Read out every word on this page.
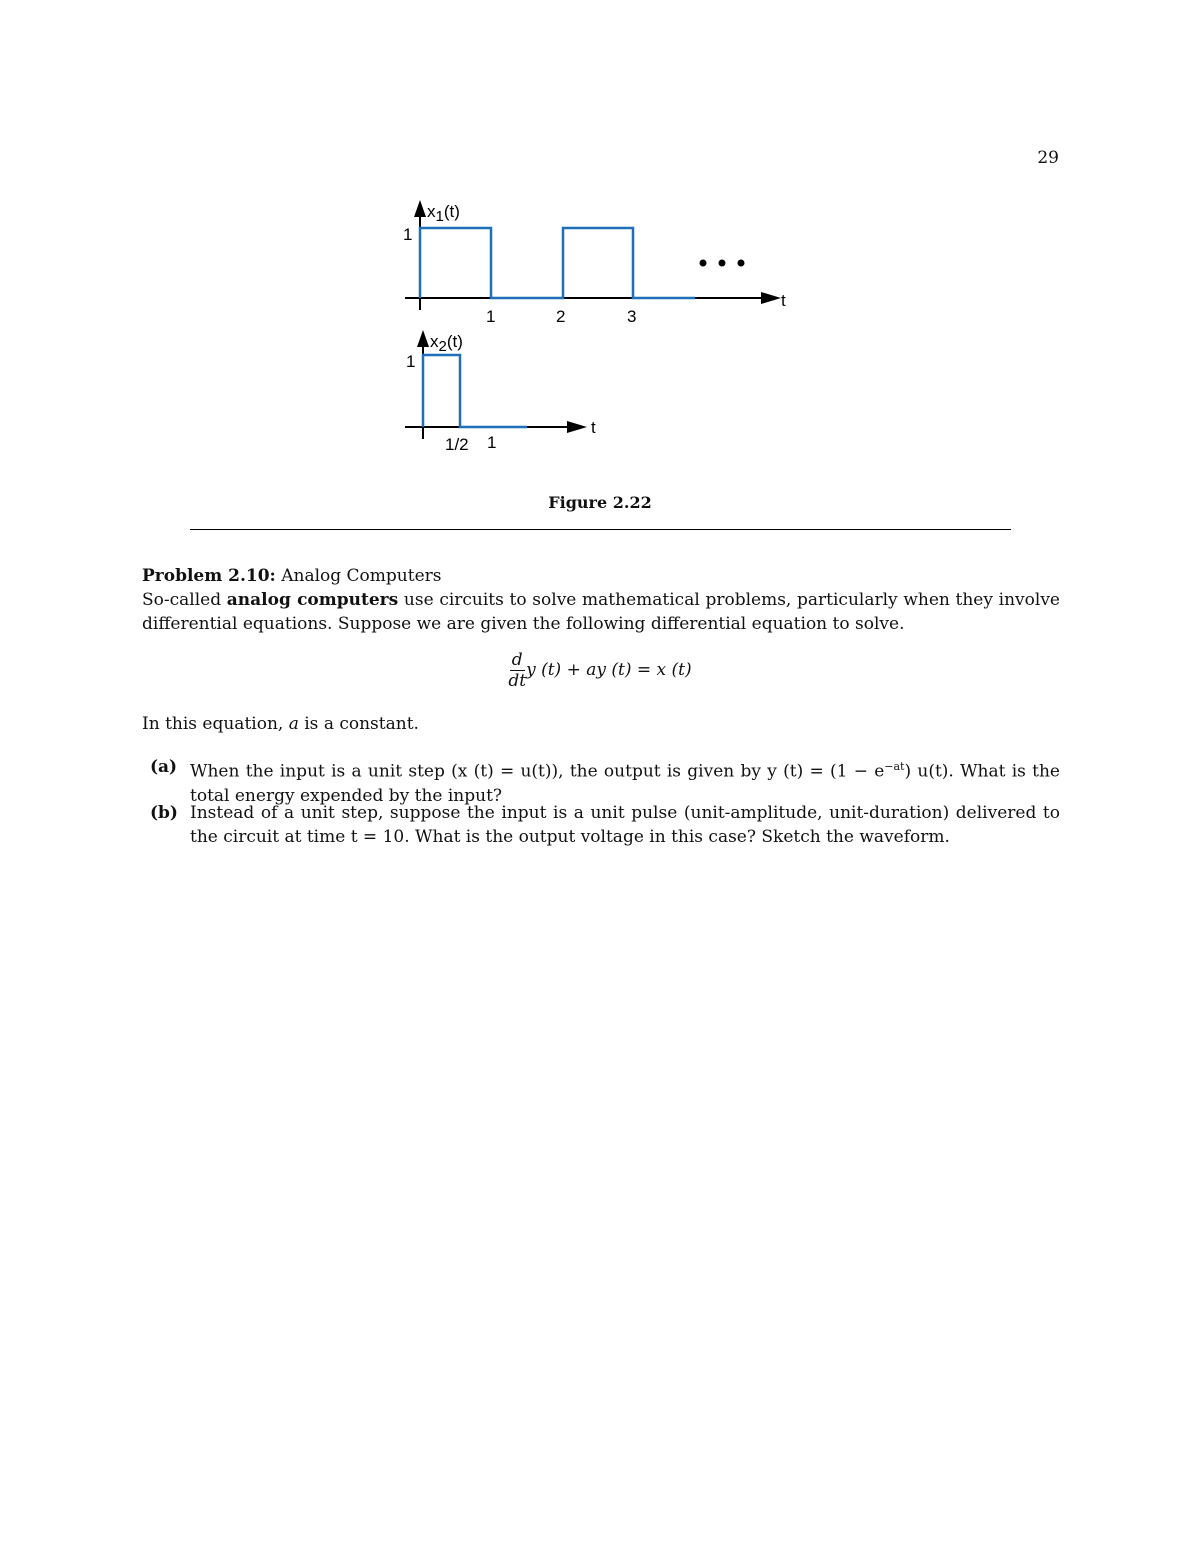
29
x1(t)
1
1	2	3
t
x2(t)
1
1/2 1
t
Figure 2.22
Problem 2.10: Analog Computers
So-called analog computers use circuits to solve mathematical problems, particularly when they involve differential equations. Suppose we are given the following differential equation to solve.
$\frac{d}{dt}$ y (t) + ay (t) = x (t)
In this equation, a is a constant.
(a) When the input is a unit step (x (t) = u(t)), the output is given by y $(t) = (1 - e^{-at})$ u(t). What is the total energy expended by the input?
(b) Instead of a unit step, suppose the input is a unit pulse (unit-amplitude, unit-duration) delivered to the circuit at time t = 10. What is the output voltage in this case? Sketch the waveform.
